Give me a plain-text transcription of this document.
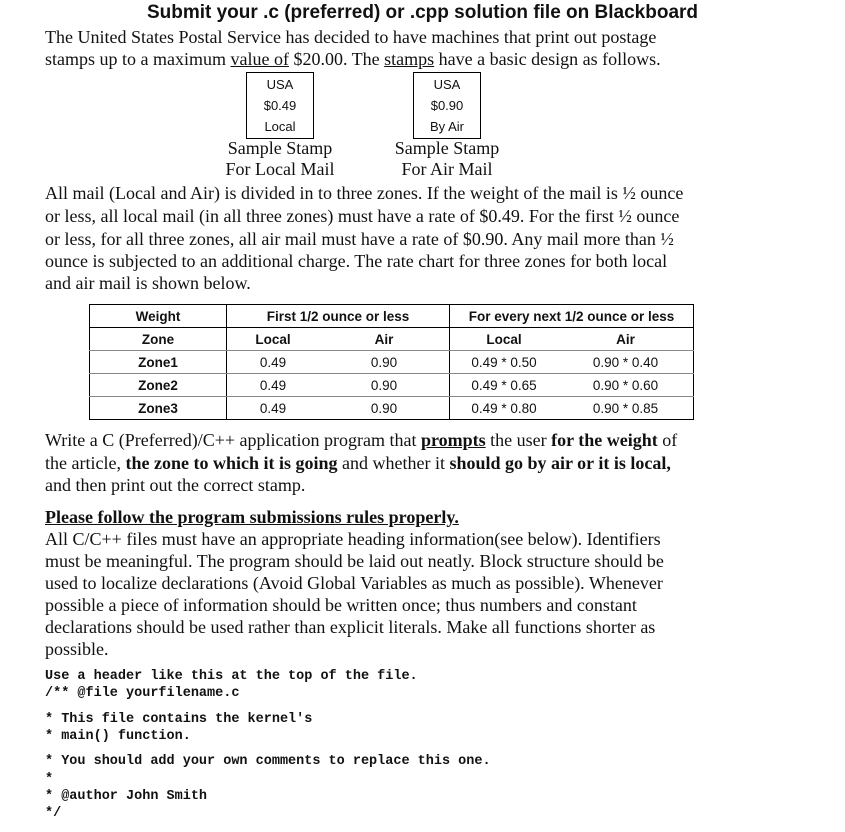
Submit your .c (preferred) or .cpp solution file on Blackboard
The United States Postal Service has decided to have machines that print out postage
stamps up to a maximum value of $20.00. The stamps have a basic design as follows.
USA
$0.49
Local
USA
$0.90
By Air
Sample Stamp
For Local Mail
Sample Stamp
For Air Mail
All mail (Local and Air) is divided in to three zones. If the weight of the mail is ½ ounce
or less, all local mail (in all three zones) must have a rate of $0.49. For the first ½ ounce
or less, for all three zones, all air mail must have a rate of $0.90. Any mail more than ½
ounce is subjected to an additional charge. The rate chart for three zones for both local
and air mail is shown below.
Weight	First 1/2 ounce or less		For every next 1/2 ounce or less	
Zone	Local	Air	Local	Air
Zone1	0.49	0.90	0.49 * 0.50	0.90 * 0.40
Zone2	0.49	0.90	0.49 * 0.65	0.90 * 0.60
Zone3	0.49	0.90	0.49 * 0.80	0.90 * 0.85
Write a C (Preferred)/C++ application program that prompts the user for the weight of
the article, the zone to which it is going and whether it should go by air or it is local,
and then print out the correct stamp.
Please follow the program submissions rules properly.
All C/C++ files must have an appropriate heading information(see below). Identifiers
must be meaningful. The program should be laid out neatly. Block structure should be
used to localize declarations (Avoid Global Variables as much as possible). Whenever
possible a piece of information should be written once; thus numbers and constant
declarations should be used rather than explicit literals. Make all functions shorter as
possible.
Use a header like this at the top of the file.
/** @file yourfilename.c
* This file contains the kernel's
* main() function.
* You should add your own comments to replace this one.
*
* @author John Smith
*/
